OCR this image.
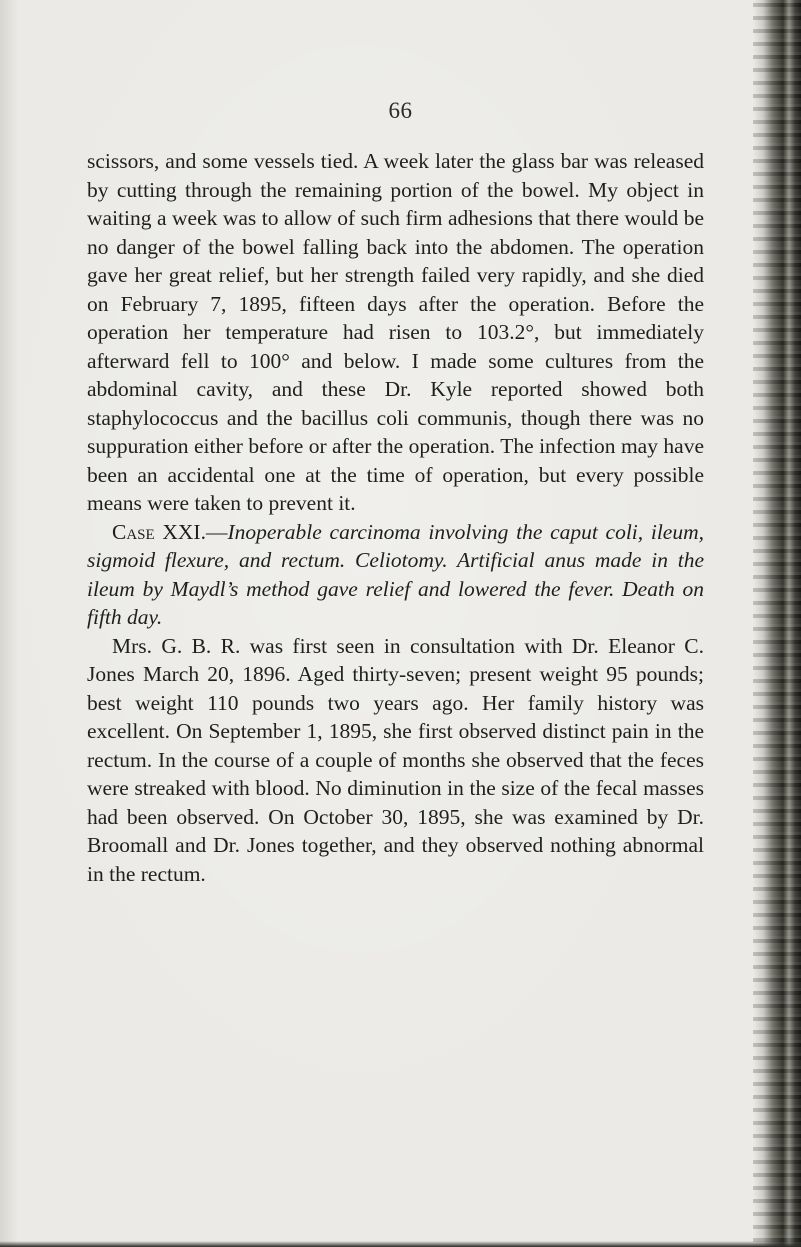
66

scissors, and some vessels tied. A week later the glass bar was released by cutting through the remaining portion of the bowel. My object in waiting a week was to allow of such firm adhesions that there would be no danger of the bowel falling back into the abdomen. The operation gave her great relief, but her strength failed very rapidly, and she died on February 7, 1895, fifteen days after the operation. Before the operation her temperature had risen to 103.2°, but immediately afterward fell to 100° and below. I made some cultures from the abdominal cavity, and these Dr. Kyle reported showed both staphylococcus and the bacillus coli communis, though there was no suppuration either before or after the operation. The infection may have been an accidental one at the time of operation, but every possible means were taken to prevent it.

Case XXI.—Inoperable carcinoma involving the caput coli, ileum, sigmoid flexure, and rectum. Celiotomy. Artificial anus made in the ileum by Maydl’s method gave relief and lowered the fever. Death on fifth day.

Mrs. G. B. R. was first seen in consultation with Dr. Eleanor C. Jones March 20, 1896. Aged thirty-seven; present weight 95 pounds; best weight 110 pounds two years ago. Her family history was excellent. On September 1, 1895, she first observed distinct pain in the rectum. In the course of a couple of months she observed that the feces were streaked with blood. No diminution in the size of the fecal masses had been observed. On October 30, 1895, she was examined by Dr. Broomall and Dr. Jones together, and they observed nothing abnormal in the rectum.
